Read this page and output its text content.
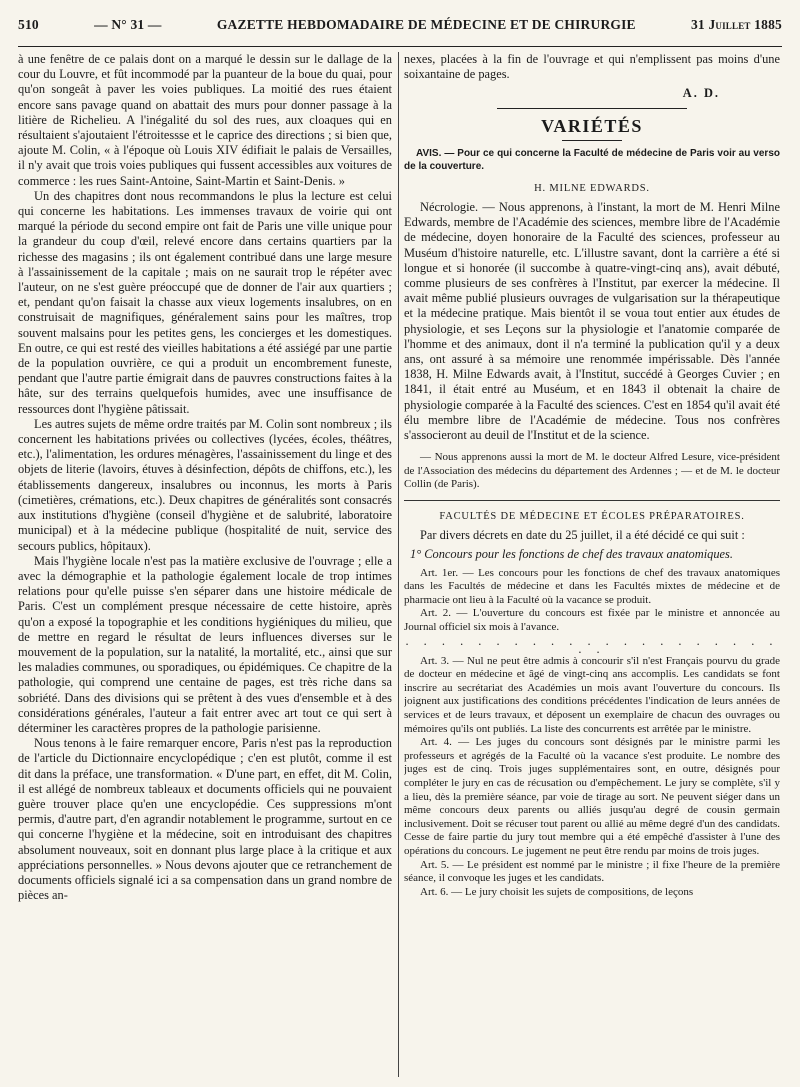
510	— N° 31 —	GAZETTE HEBDOMADAIRE DE MÉDECINE ET DE CHIRURGIE	31 Juillet 1885

à une fenêtre de ce palais dont on a marqué le dessin sur le dallage de la cour du Louvre, et fût incommodé par la puanteur de la boue du quai, pour qu'on songeât à paver les voies publiques. La moitié des rues étaient encore sans pavage quand on abattait des murs pour donner passage à la litière de Richelieu. A l'inégalité du sol des rues, aux cloaques qui en résultaient s'ajoutaient l'étroitessse et le caprice des directions ; si bien que, ajoute M. Colin, « à l'époque où Louis XIV édifiait le palais de Versailles, il n'y avait que trois voies publiques qui fussent accessibles aux voitures de commerce : les rues Saint-Antoine, Saint-Martin et Saint-Denis. »

Un des chapitres dont nous recommandons le plus la lecture est celui qui concerne les habitations. Les immenses travaux de voirie qui ont marqué la période du second empire ont fait de Paris une ville unique pour la grandeur du coup d'œil, relevé encore dans certains quartiers par la richesse des magasins ; ils ont également contribué dans une large mesure à l'assainissement de la capitale ; mais on ne saurait trop le répéter avec l'auteur, on ne s'est guère préoccupé que de donner de l'air aux quartiers ; et, pendant qu'on faisait la chasse aux vieux logements insalubres, on en construisait de magnifiques, généralement sains pour les maîtres, trop souvent malsains pour les petites gens, les concierges et les domestiques. En outre, ce qui est resté des vieilles habitations a été assiégé par une partie de la population ouvrière, ce qui a produit un encombrement funeste, pendant que l'autre partie émigrait dans de pauvres constructions faites à la hâte, sur des terrains quelquefois humides, avec une insuffisance de ressources dont l'hygiène pâtissait.

Les autres sujets de même ordre traités par M. Colin sont nombreux ; ils concernent les habitations privées ou collectives (lycées, écoles, théâtres, etc.), l'alimentation, les ordures ménagères, l'assainissement du linge et des objets de literie (lavoirs, étuves à désinfection, dépôts de chiffons, etc.), les établissements dangereux, insalubres ou inconnus, les morts à Paris (cimetières, crémations, etc.). Deux chapitres de généralités sont consacrés aux institutions d'hygiène (conseil d'hygiène et de salubrité, laboratoire municipal) et à la médecine publique (hospitalité de nuit, service des secours publics, hôpitaux).

Mais l'hygiène locale n'est pas la matière exclusive de l'ouvrage ; elle a avec la démographie et la pathologie également locale de trop intimes relations pour qu'elle puisse s'en séparer dans une histoire médicale de Paris. C'est un complément presque nécessaire de cette histoire, après qu'on a exposé la topographie et les conditions hygiéniques du milieu, que de mettre en regard le résultat de leurs influences diverses sur le mouvement de la population, sur la natalité, la mortalité, etc., ainsi que sur les maladies communes, ou sporadiques, ou épidémiques. Ce chapitre de la pathologie, qui comprend une centaine de pages, est très riche dans sa sobriété. Dans des divisions qui se prêtent à des vues d'ensemble et à des considérations générales, l'auteur a fait entrer avec art tout ce qui sert à déterminer les caractères propres de la pathologie parisienne.

Nous tenons à le faire remarquer encore, Paris n'est pas la reproduction de l'article du Dictionnaire encyclopédique ; c'en est plutôt, comme il est dit dans la préface, une transformation. « D'une part, en effet, dit M. Colin, il est allégé de nombreux tableaux et documents officiels qui ne pouvaient guère trouver place qu'en une encyclopédie. Ces suppressions m'ont permis, d'autre part, d'en agrandir notablement le programme, surtout en ce qui concerne l'hygiène et la médecine, soit en introduisant des chapitres absolument nouveaux, soit en donnant plus large place à la critique et aux appréciations personnelles. » Nous devons ajouter que ce retranchement de documents officiels signalé ici a sa compensation dans un grand nombre de pièces an-

nexes, placées à la fin de l'ouvrage et qui n'emplissent pas moins d'une soixantaine de pages.

A. D.
VARIÉTÉS

AVIS. — Pour ce qui concerne la Faculté de médecine de Paris voir au verso de la couverture.

H. MILNE EDWARDS.

Nécrologie. — Nous apprenons, à l'instant, la mort de M. Henri Milne Edwards, membre de l'Académie des sciences, membre libre de l'Académie de médecine, doyen honoraire de la Faculté des sciences, professeur au Muséum d'histoire naturelle, etc. L'illustre savant, dont la carrière a été si longue et si honorée (il succombe à quatre-vingt-cinq ans), avait débuté, comme plusieurs de ses confrères à l'Institut, par exercer la médecine. Il avait même publié plusieurs ouvrages de vulgarisation sur la thérapeutique et la médecine pratique. Mais bientôt il se voua tout entier aux études de physiologie, et ses Leçons sur la physiologie et l'anatomie comparée de l'homme et des animaux, dont il n'a terminé la publication qu'il y a deux ans, ont assuré à sa mémoire une renommée impérissable. Dès l'année 1838, H. Milne Edwards avait, à l'Institut, succédé à Georges Cuvier ; en 1841, il était entré au Muséum, et en 1843 il obtenait la chaire de physiologie comparée à la Faculté des sciences. C'est en 1854 qu'il avait été élu membre libre de l'Académie de médecine. Tous nos confrères s'associeront au deuil de l'Institut et de la science.

— Nous apprenons aussi la mort de M. le docteur Alfred Lesure, vice-président de l'Association des médecins du département des Ardennes ; — et de M. le docteur Collin (de Paris).

FACULTÉS DE MÉDECINE ET ÉCOLES PRÉPARATOIRES.

Par divers décrets en date du 25 juillet, il a été décidé ce qui suit :

1° Concours pour les fonctions de chef des travaux anatomiques.

Art. 1er. — Les concours pour les fonctions de chef des travaux anatomiques dans les Facultés de médecine et dans les Facultés mixtes de médecine et de pharmacie ont lieu à la Faculté où la vacance se produit.

Art. 2. — L'ouverture du concours est fixée par le ministre et annoncée au Journal officiel six mois à l'avance.

. . . . . . . . . . . . . . . . . . . . . . .

Art. 3. — Nul ne peut être admis à concourir s'il n'est Français pourvu du grade de docteur en médecine et âgé de vingt-cinq ans accomplis. Les candidats se font inscrire au secrétariat des Académies un mois avant l'ouverture du concours. Ils joignent aux justifications des conditions précédentes l'indication de leurs années de services et de leurs travaux, et déposent un exemplaire de chacun des ouvrages ou mémoires qu'ils ont publiés. La liste des concurrents est arrêtée par le ministre.

Art. 4. — Les juges du concours sont désignés par le ministre parmi les professeurs et agrégés de la Faculté où la vacance s'est produite. Le nombre des juges est de cinq. Trois juges supplémentaires sont, en outre, désignés pour compléter le jury en cas de récusation ou d'empêchement. Le jury se complète, s'il y a lieu, dès la première séance, par voie de tirage au sort. Ne peuvent siéger dans un même concours deux parents ou alliés jusqu'au degré de cousin germain inclusivement. Doit se récuser tout parent ou allié au même degré d'un des candidats. Cesse de faire partie du jury tout membre qui a été empêché d'assister à l'une des opérations du concours. Le jugement ne peut être rendu par moins de trois juges.

Art. 5. — Le président est nommé par le ministre ; il fixe l'heure de la première séance, il convoque les juges et les candidats.

Art. 6. — Le jury choisit les sujets de compositions, de leçons
